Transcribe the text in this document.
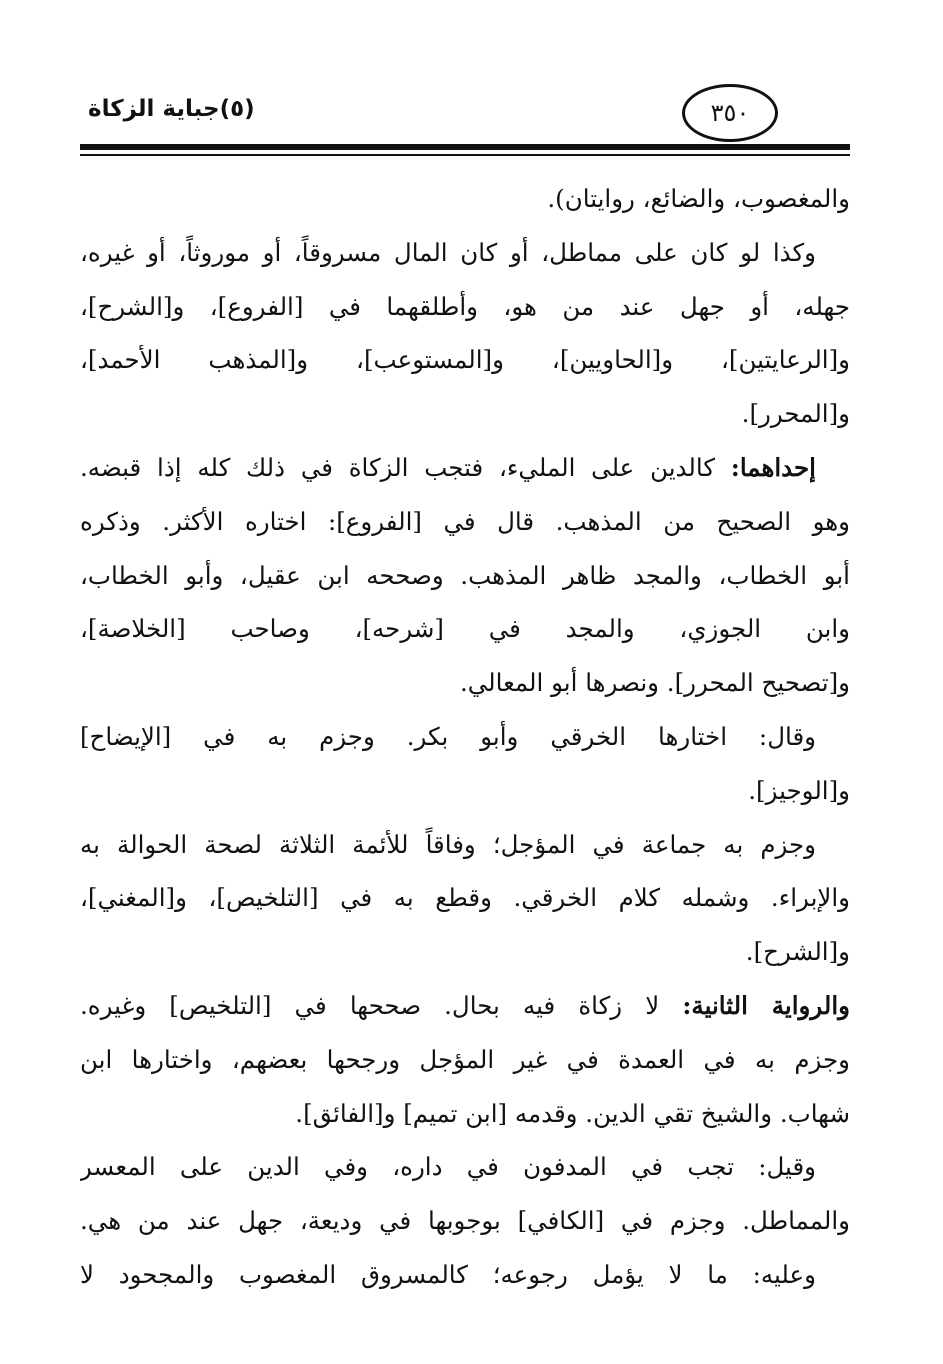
(٥)جباية الزكاة	٣٥٠
والمغصوب، والضائع، روايتان).
وكذا لو كان على مماطل، أو كان المال مسروقاً، أو موروثاً، أو غيره،
جهله، أو جهل عند من هو، وأطلقهما في [الفروع]، و[الشرح]،
و[الرعايتين]، و[الحاويين]، و[المستوعب]، و[المذهب الأحمد]،
و[المحرر].
إحداهما: كالدين على المليء، فتجب الزكاة في ذلك كله إذا قبضه.
وهو الصحيح من المذهب. قال في [الفروع]: اختاره الأكثر. وذكره
أبو الخطاب، والمجد ظاهر المذهب. وصححه ابن عقيل، وأبو الخطاب،
وابن الجوزي، والمجد في [شرحه]، وصاحب [الخلاصة]،
و[تصحيح المحرر]. ونصرها أبو المعالي.
وقال: اختارها الخرقي وأبو بكر. وجزم به في [الإيضاح]
و[الوجيز].
وجزم به جماعة في المؤجل؛ وفاقاً للأئمة الثلاثة لصحة الحوالة به
والإبراء. وشمله كلام الخرقي. وقطع به في [التلخيص]، و[المغني]،
و[الشرح].
والرواية الثانية: لا زكاة فيه بحال. صححها في [التلخيص] وغيره.
وجزم به في العمدة في غير المؤجل ورجحها بعضهم، واختارها ابن
شهاب. والشيخ تقي الدين. وقدمه [ابن تميم] و[الفائق].
وقيل: تجب في المدفون في داره، وفي الدين على المعسر
والمماطل. وجزم في [الكافي] بوجوبها في وديعة، جهل عند من هي.
وعليه: ما لا يؤمل رجوعه؛ كالمسروق المغصوب والمجحود لا
